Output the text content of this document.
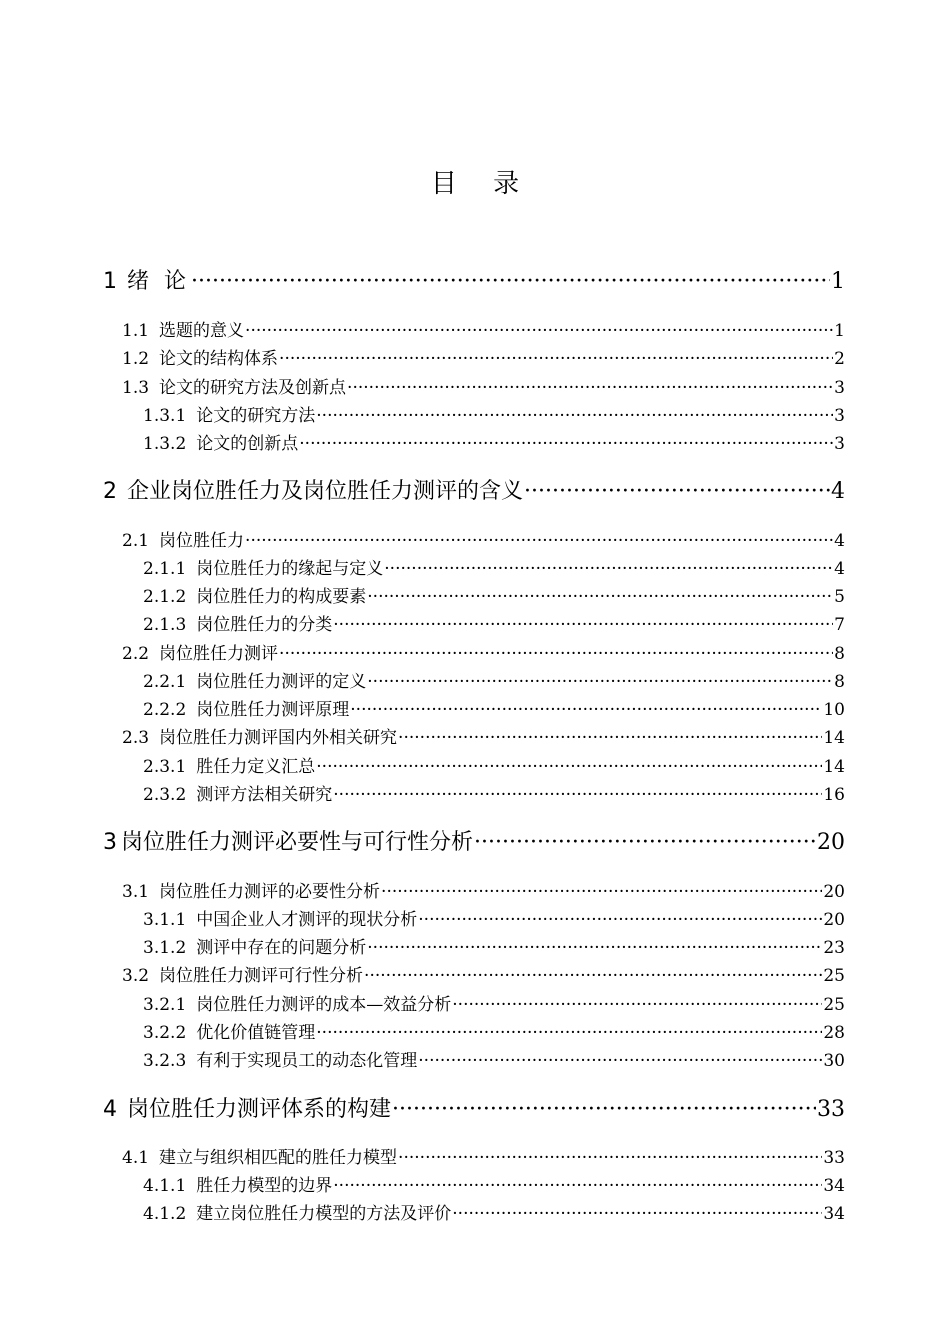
目 录
1 绪 论 ·····	1
1.1 选题的意义 ·····	1
1.2 论文的结构体系 ·····	2
1.3 论文的研究方法及创新点 ·····	3
1.3.1 论文的研究方法 ·····	3
1.3.2 论文的创新点 ·····	3
2 企业岗位胜任力及岗位胜任力测评的含义 ·····	4
2.1 岗位胜任力 ·····	4
2.1.1 岗位胜任力的缘起与定义 ·····	4
2.1.2 岗位胜任力的构成要素 ·····	5
2.1.3 岗位胜任力的分类 ·····	7
2.2 岗位胜任力测评 ·····	8
2.2.1 岗位胜任力测评的定义 ·····	8
2.2.2 岗位胜任力测评原理 ·····	10
2.3 岗位胜任力测评国内外相关研究 ·····	14
2.3.1 胜任力定义汇总 ·····	14
2.3.2 测评方法相关研究 ·····	16
3 岗位胜任力测评必要性与可行性分析 ·····	20
3.1 岗位胜任力测评的必要性分析 ·····	20
3.1.1 中国企业人才测评的现状分析 ·····	20
3.1.2 测评中存在的问题分析 ·····	23
3.2 岗位胜任力测评可行性分析 ·····	25
3.2.1 岗位胜任力测评的成本—效益分析 ·····	25
3.2.2 优化价值链管理 ·····	28
3.2.3 有利于实现员工的动态化管理 ·····	30
4 岗位胜任力测评体系的构建 ·····	33
4.1 建立与组织相匹配的胜任力模型 ·····	33
4.1.1 胜任力模型的边界 ·····	34
4.1.2 建立岗位胜任力模型的方法及评价 ·····	34
